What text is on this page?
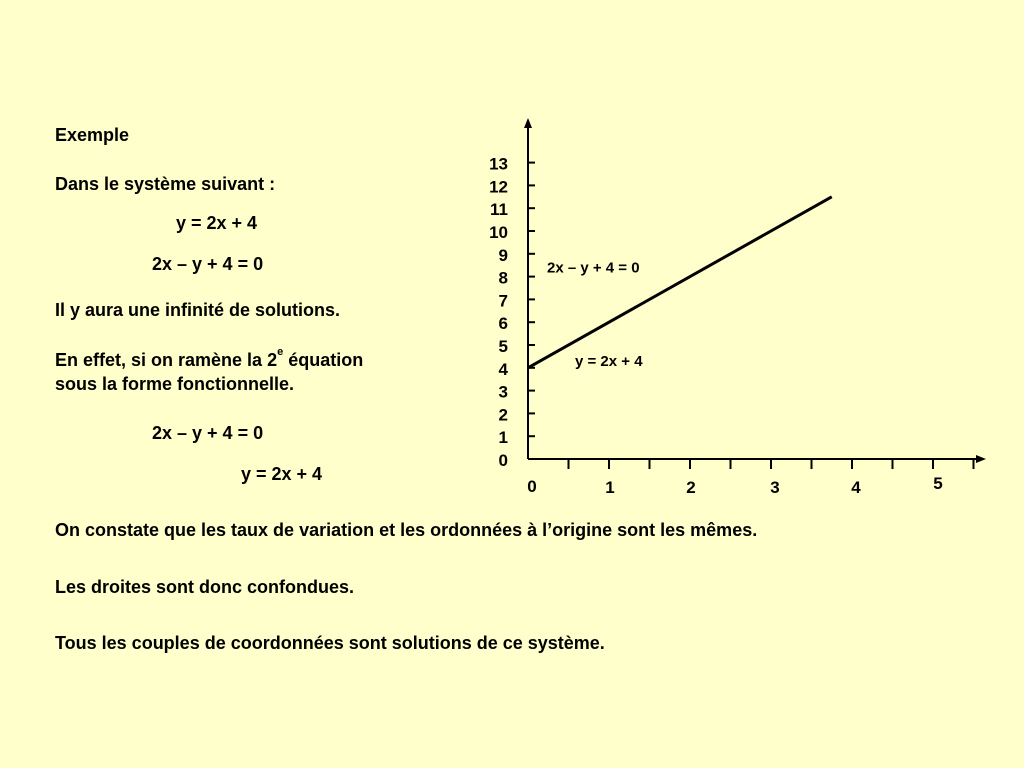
Exemple
Dans le système suivant :
y = 2x + 4
2x – y + 4 = 0
Il y aura une infinité de solutions.
En effet, si on ramène la 2e équation
sous la forme fonctionnelle.
2x – y + 4 = 0
y = 2x + 4
On constate que les taux de variation et les ordonnées à l’origine sont les mêmes.
Les droites sont donc confondues.
Tous les couples de coordonnées sont solutions de ce système.
0
1
2
3
4
5
6
7
8
9
10
11
12
13
0	1	2	3	4	5
2x – y + 4 = 0
y = 2x + 4
